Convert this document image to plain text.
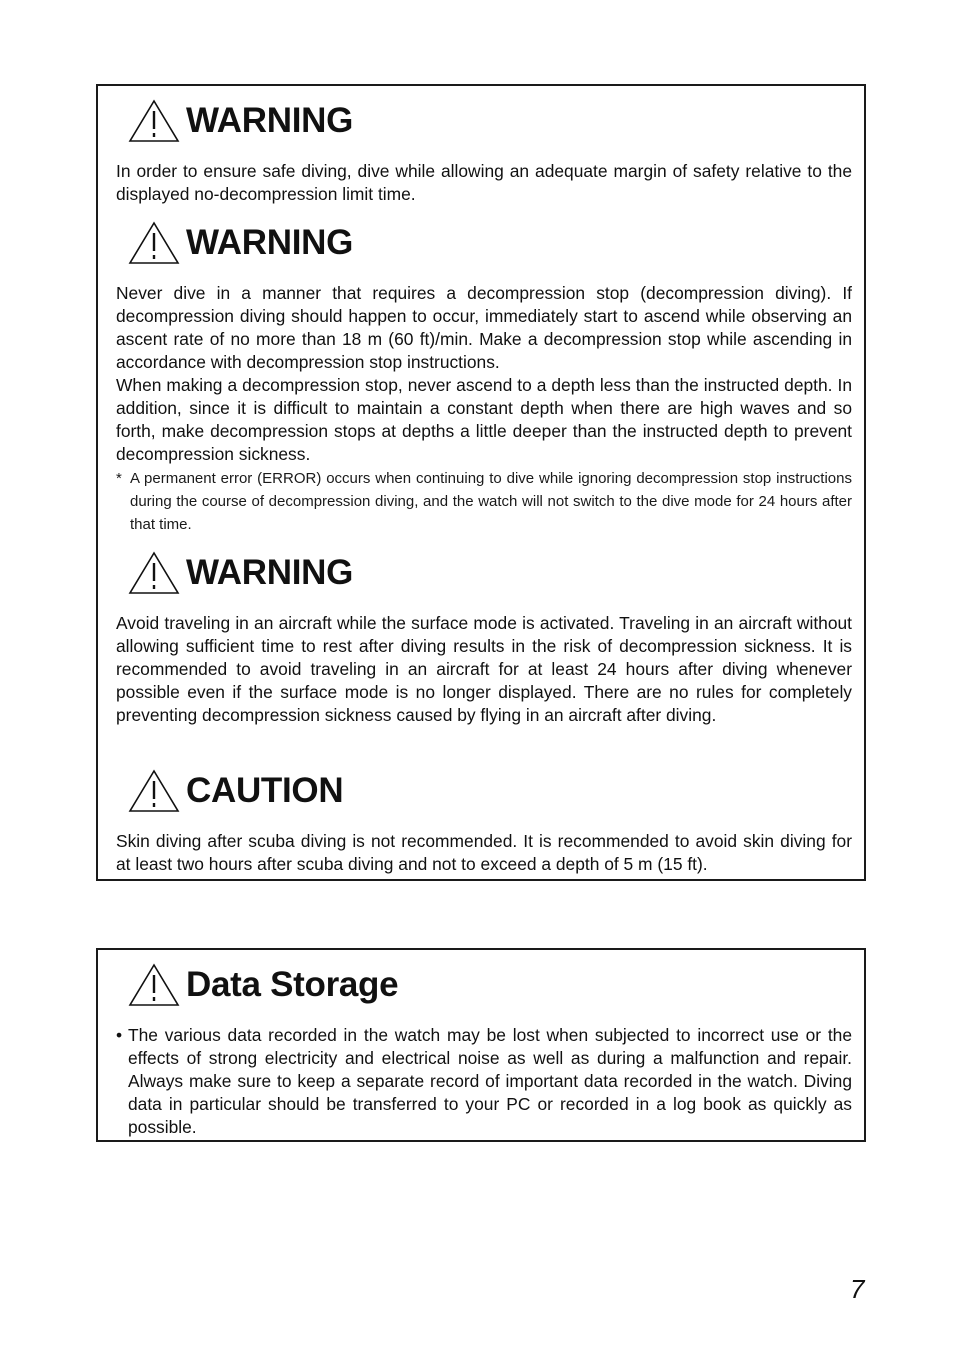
WARNING

In order to ensure safe diving, dive while allowing an adequate margin of safety relative to the displayed no-decompression limit time.

WARNING

Never dive in a manner that requires a decompression stop (decompression diving). If decompression diving should happen to occur, immediately start to ascend while observing an ascent rate of no more than 18 m (60 ft)/min. Make a decompression stop while ascending in accordance with decompression stop instructions.

When making a decompression stop, never ascend to a depth less than the instructed depth. In addition, since it is difficult to maintain a constant depth when there are high waves and so forth, make decompression stops at depths a little deeper than the instructed depth to prevent decompression sickness.

* A permanent error (ERROR) occurs when continuing to dive while ignoring decompression stop instructions during the course of decompression diving, and the watch will not switch to the dive mode for 24 hours after that time.
WARNING

Avoid traveling in an aircraft while the surface mode is activated. Traveling in an aircraft without allowing sufficient time to rest after diving results in the risk of decompression sickness. It is recommended to avoid traveling in an aircraft for at least 24 hours after diving whenever possible even if the surface mode is no longer displayed. There are no rules for completely preventing decompression sickness caused by flying in an aircraft after diving.

CAUTION

Skin diving after scuba diving is not recommended. It is recommended to avoid skin diving for at least two hours after scuba diving and not to exceed a depth of 5 m (15 ft).

Data Storage
• The various data recorded in the watch may be lost when subjected to incorrect use or the effects of strong electricity and electrical noise as well as during a malfunction and repair. Always make sure to keep a separate record of important data recorded in the watch. Diving data in particular should be transferred to your PC or recorded in a log book as quickly as possible.
7
